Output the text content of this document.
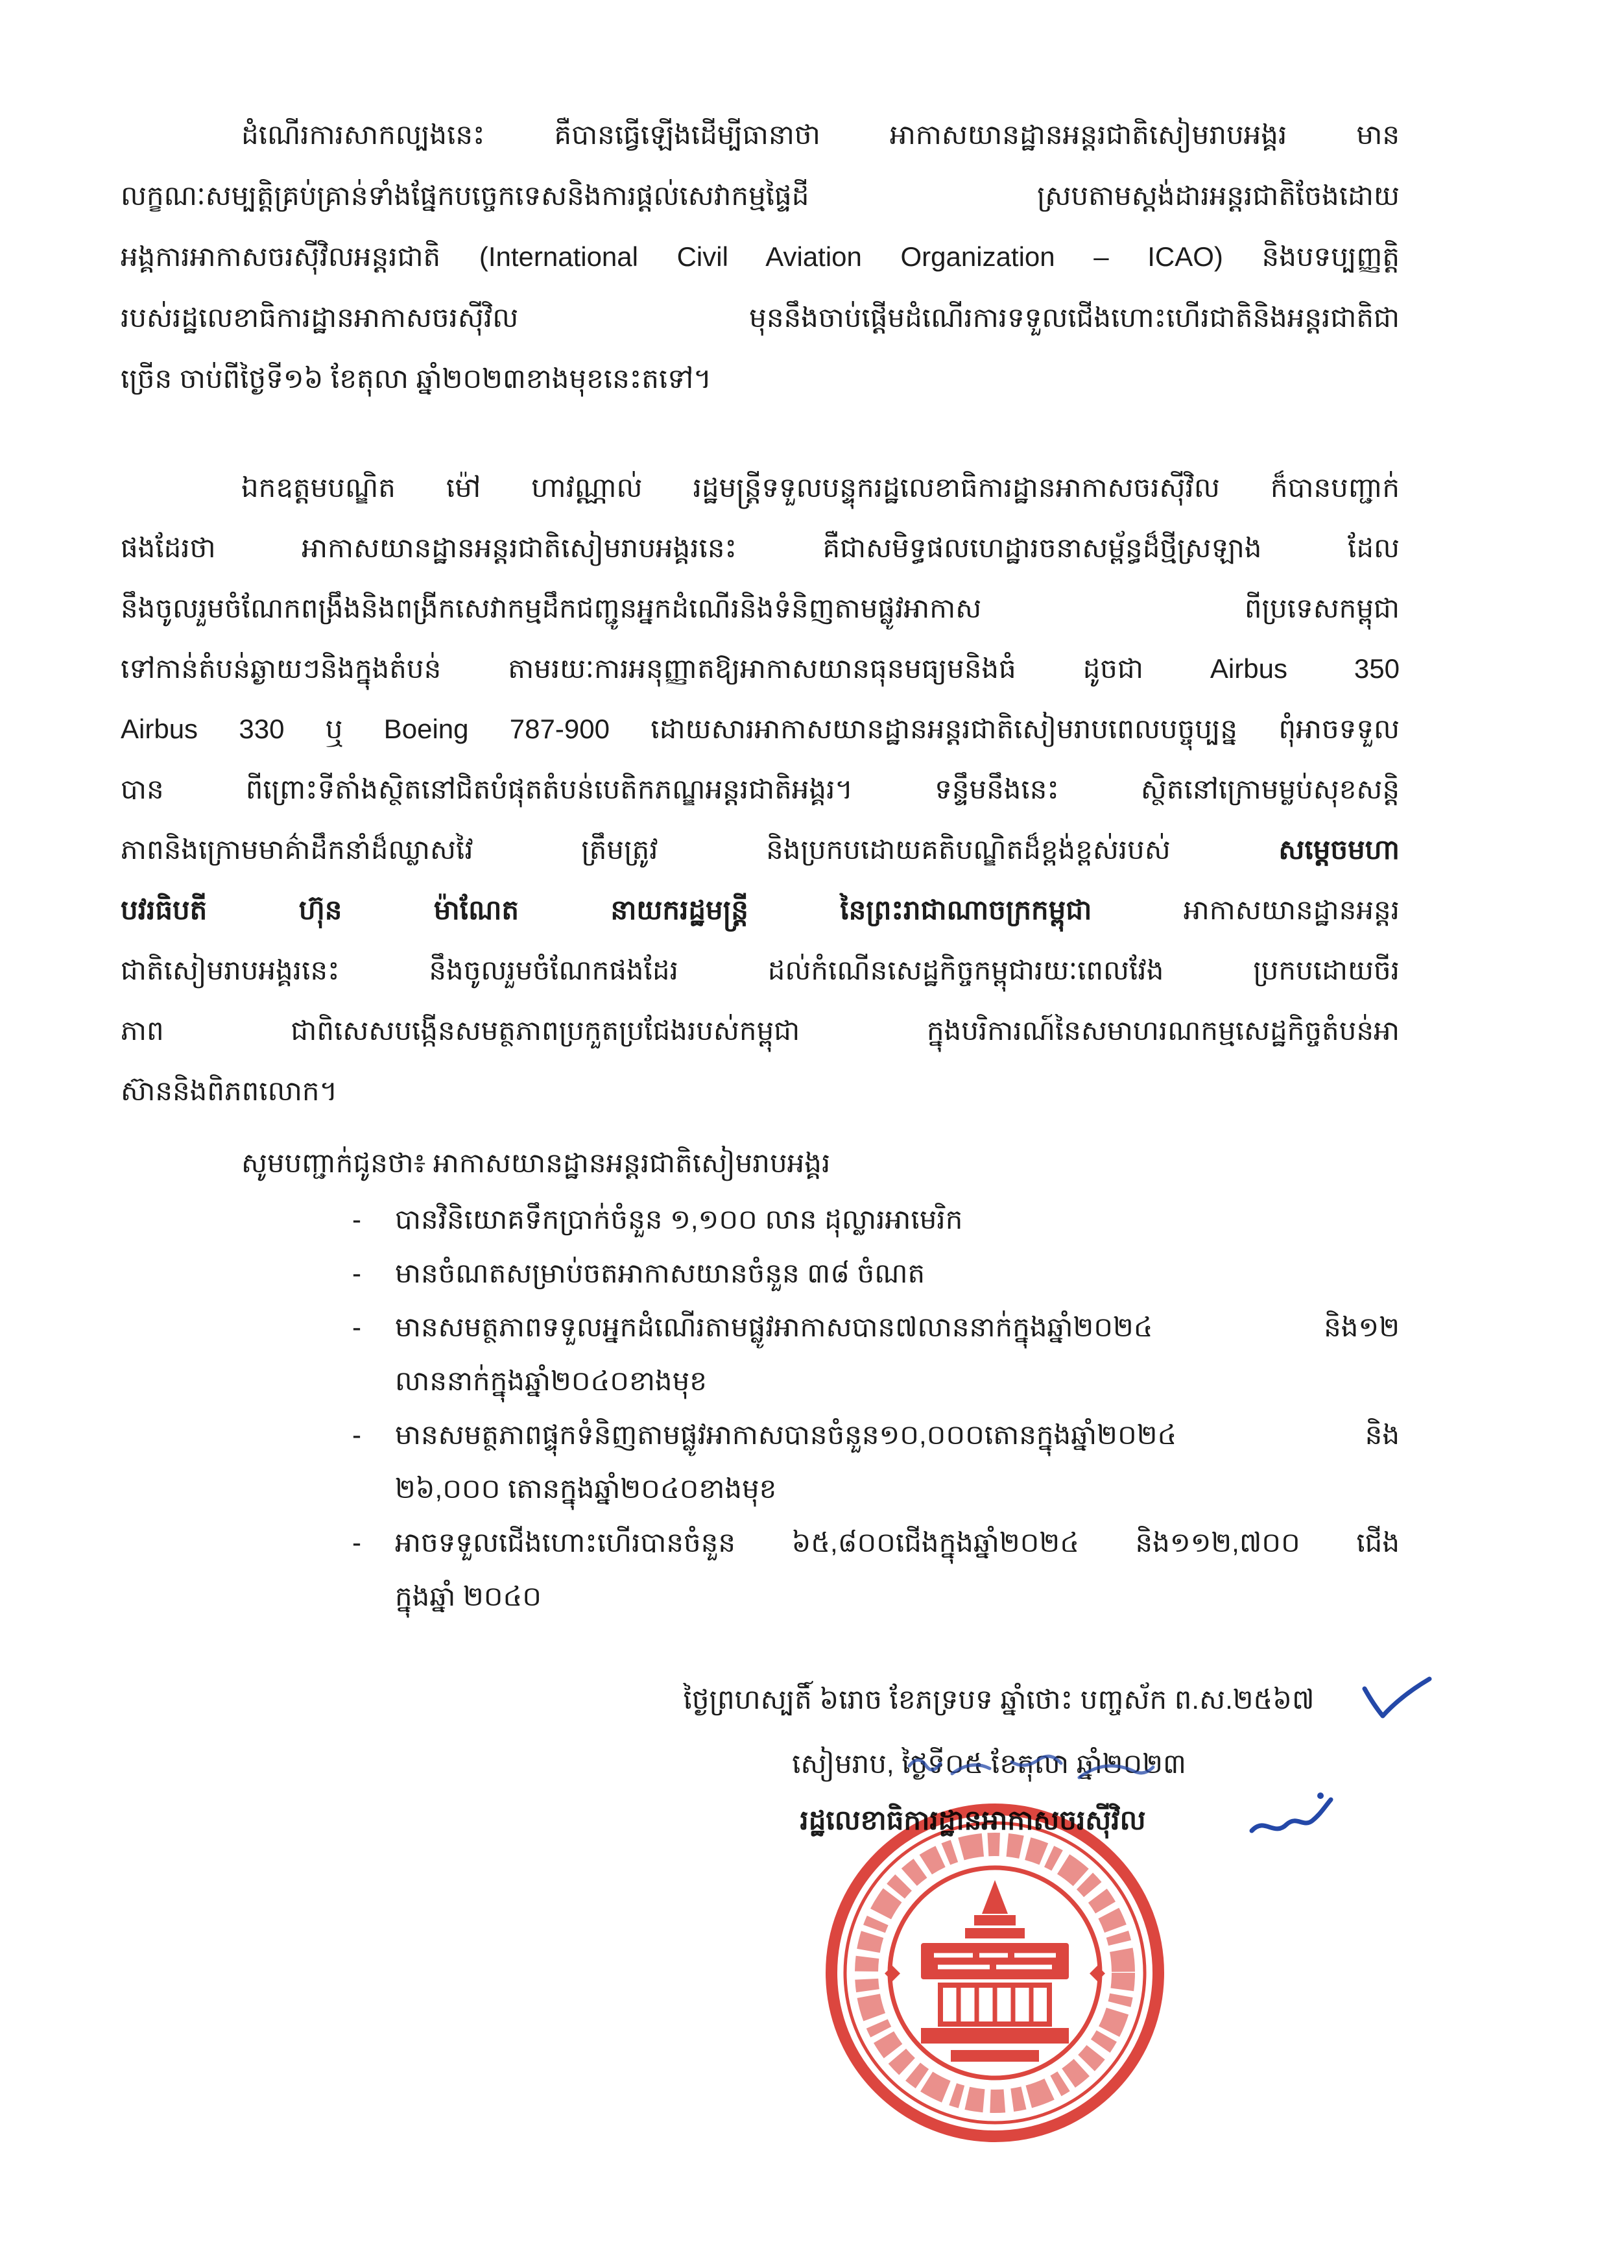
ដំណើរការសាកល្បងនេះ គឺបានធ្វើឡើងដើម្បីធានាថា អាកាសយានដ្ឋានអន្តរជាតិសៀមរាបអង្គរ មាន
លក្ខណៈសម្បត្តិគ្រប់គ្រាន់ទាំងផ្នែកបច្ចេកទេសនិងការផ្តល់សេវាកម្មផ្ទៃដី ស្របតាមស្តង់ដារអន្តរជាតិចែងដោយ
អង្គការអាកាសចរស៊ីវិលអន្តរជាតិ (International Civil Aviation Organization – ICAO) និងបទប្បញ្ញត្តិ
របស់រដ្ឋលេខាធិការដ្ឋានអាកាសចរស៊ីវិល មុននឹងចាប់ផ្តើមដំណើរការទទួលជើងហោះហើរជាតិនិងអន្តរជាតិជា
ច្រើន ចាប់ពីថ្ងៃទី១៦ ខែតុលា ឆ្នាំ២០២៣ខាងមុខនេះតទៅ។
ឯកឧត្តមបណ្ឌិត ម៉ៅ ហាវណ្ណាល់ រដ្ឋមន្ត្រីទទួលបន្ទុករដ្ឋលេខាធិការដ្ឋានអាកាសចរស៊ីវិល ក៏បានបញ្ជាក់
ផងដែរថា អាកាសយានដ្ឋានអន្តរជាតិសៀមរាបអង្គរនេះ គឺជាសមិទ្ធផលហេដ្ឋារចនាសម្ព័ន្ធដ៏ថ្មីស្រឡាង ដែល
នឹងចូលរួមចំណែកពង្រឹងនិងពង្រីកសេវាកម្មដឹកជញ្ជូនអ្នកដំណើរនិងទំនិញតាមផ្លូវអាកាស ពីប្រទេសកម្ពុជា
ទៅកាន់តំបន់ឆ្ងាយៗនិងក្នុងតំបន់ តាមរយៈការអនុញ្ញាតឱ្យអាកាសយានធុនមធ្យមនិងធំ ដូចជា Airbus 350
Airbus 330 ឬ Boeing 787-900 ដោយសារអាកាសយានដ្ឋានអន្តរជាតិសៀមរាបពេលបច្ចុប្បន្ន ពុំអាចទទួល
បាន ពីព្រោះទីតាំងស្ថិតនៅជិតបំផុតតំបន់បេតិកភណ្ឌអន្តរជាតិអង្គរ។ ទន្ទឹមនឹងនេះ ស្ថិតនៅក្រោមម្លប់សុខសន្តិ
ភាពនិងក្រោមមាគ៌ាដឹកនាំដ៏ឈ្លាសវៃ ត្រឹមត្រូវ និងប្រកបដោយគតិបណ្ឌិតដ៏ខ្ពង់ខ្ពស់របស់	សម្តេចមហា
បវរធិបតី ហ៊ុន ម៉ាណែត នាយករដ្ឋមន្ត្រី នៃព្រះរាជាណាចក្រកម្ពុជា	អាកាសយានដ្ឋានអន្តរ
ជាតិសៀមរាបអង្គរនេះ នឹងចូលរួមចំណែកផងដែរ ដល់កំណើនសេដ្ឋកិច្ចកម្ពុជារយៈពេលវែង ប្រកបដោយចីរ
ភាព ជាពិសេសបង្កើនសមត្ថភាពប្រកួតប្រជែងរបស់កម្ពុជា ក្នុងបរិការណ៍នៃសមាហរណកម្មសេដ្ឋកិច្ចតំបន់អា
ស៊ាននិងពិភពលោក។
សូមបញ្ជាក់ជូនថា៖ អាកាសយានដ្ឋានអន្តរជាតិសៀមរាបអង្គរ
- បានវិនិយោគទឹកប្រាក់ចំនួន ១,១០០ លាន ដុល្លារអាមេរិក
- មានចំណតសម្រាប់ចតអាកាសយានចំនួន ៣៨ ចំណត
- មានសមត្ថភាពទទួលអ្នកដំណើរតាមផ្លូវអាកាសបាន៧លាននាក់ក្នុងឆ្នាំ២០២៤ និង១២
លាននាក់ក្នុងឆ្នាំ២០៤០ខាងមុខ
- មានសមត្ថភាពផ្ទុកទំនិញតាមផ្លូវអាកាសបានចំនួន១០,០០០តោនក្នុងឆ្នាំ២០២៤ និង
២៦,០០០ តោនក្នុងឆ្នាំ២០៤០ខាងមុខ
- អាចទទួលជើងហោះហើរបានចំនួន ៦៥,៨០០ជើងក្នុងឆ្នាំ២០២៤ និង១១២,៧០០ ជើង
ក្នុងឆ្នាំ ២០៤០
ថ្ងៃព្រហស្បតិ៍ ៦រោច ខែភទ្របទ ឆ្នាំថោះ បញ្ចស័ក ព.ស.២៥៦៧
សៀមរាប, ថ្ងៃទី០៥ ខែតុលា ឆ្នាំ២០២៣
រដ្ឋលេខាធិការដ្ឋានអាកាសចរស៊ីវិល
